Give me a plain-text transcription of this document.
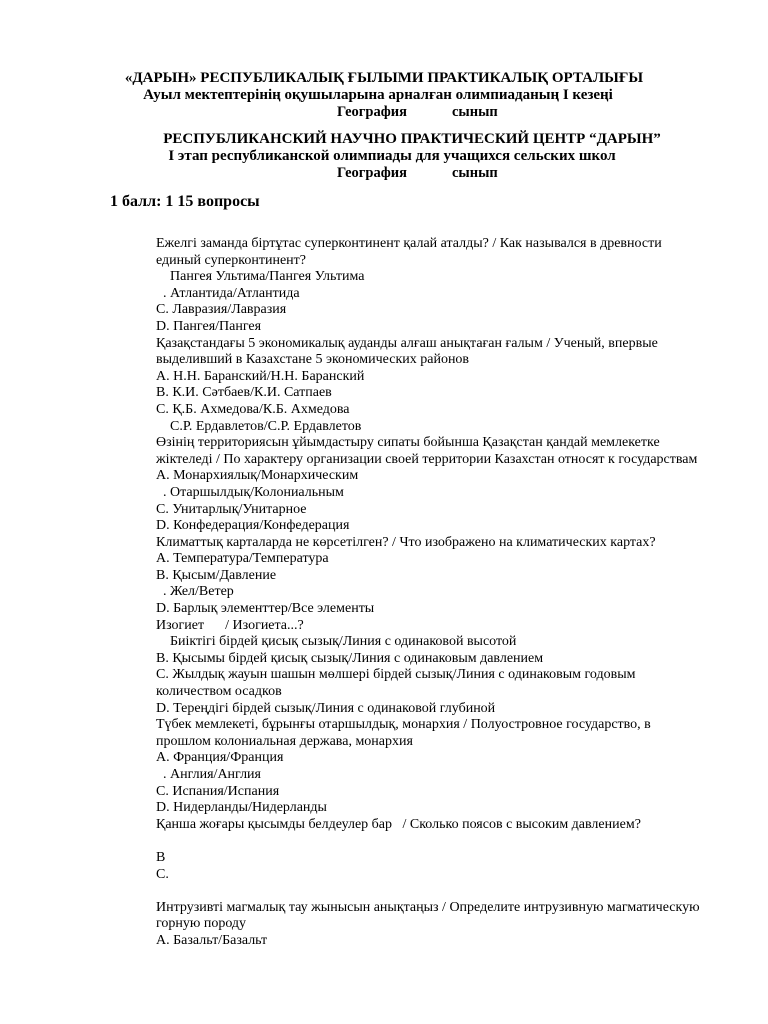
«ДАРЫН» РЕСПУБЛИКАЛЫҚ ҒЫЛЫМИ ПРАКТИКАЛЫҚ ОРТАЛЫҒЫ
Ауыл мектептерінің оқушыларына арналған олимпиаданың І кезеңі
География	сынып
РЕСПУБЛИКАНСКИЙ НАУЧНО ПРАКТИЧЕСКИЙ ЦЕНТР “ДАРЫН”
І этап республиканской олимпиады для учащихся сельских школ
География	сынып
1 балл: 1 15 вопросы

Ежелгі заманда біртұтас суперконтинент қалай аталды? / Как назывался в древности

единый суперконтинент?

Пангея Ультима/Пангея Ультима

. Атлантида/Атлантида

C. Лавразия/Лавразия

D. Пангея/Пангея

Қазақстандағы 5 экономикалық ауданды алғаш анықтаған ғалым / Ученый, впервые

выделивший в Казахстане 5 экономических районов

A. Н.Н. Баранский/Н.Н. Баранский

B. К.И. Сәтбаев/К.И. Сатпаев

C. Қ.Б. Ахмедова/К.Б. Ахмедова

C.Р. Ердавлетов/С.Р. Ердавлетов

Өзінің территориясын ұйымдастыру сипаты бойынша Қазақстан қандай мемлекетке

жіктеледі / По характеру организации своей территории Казахстан относят к государствам

A. Монархиялық/Монархическим

. Отаршылдық/Колониальным

C. Унитарлық/Унитарное

D. Конфедерация/Конфедерация

Климаттық карталарда не көрсетілген? / Что изображено на климатических картах?

A. Температура/Температура

B. Қысым/Давление

. Жел/Ветер

D. Барлық элементтер/Все элементы

Изогиет      / Изогиета...?

Биіктігі бірдей қисық сызық/Линия с одинаковой высотой

B. Қысымы бірдей қисық сызық/Линия с одинаковым давлением

C. Жылдық жауын шашын мөлшері бірдей сызық/Линия с одинаковым годовым

количеством осадков

D. Тереңдігі бірдей сызық/Линия с одинаковой глубиной

Түбек мемлекеті, бұрынғы отаршылдық, монархия / Полуостровное государство, в

прошлом колониальная держава, монархия

A. Франция/Франция

. Англия/Англия

C. Испания/Испания

D. Нидерланды/Нидерланды

Қанша жоғары қысымды белдеулер бар   / Сколько поясов с высоким давлением?

B

C.

Интрузивті магмалық тау жынысын анықтаңыз / Определите интрузивную магматическую

горную породу

A. Базальт/Базальт
